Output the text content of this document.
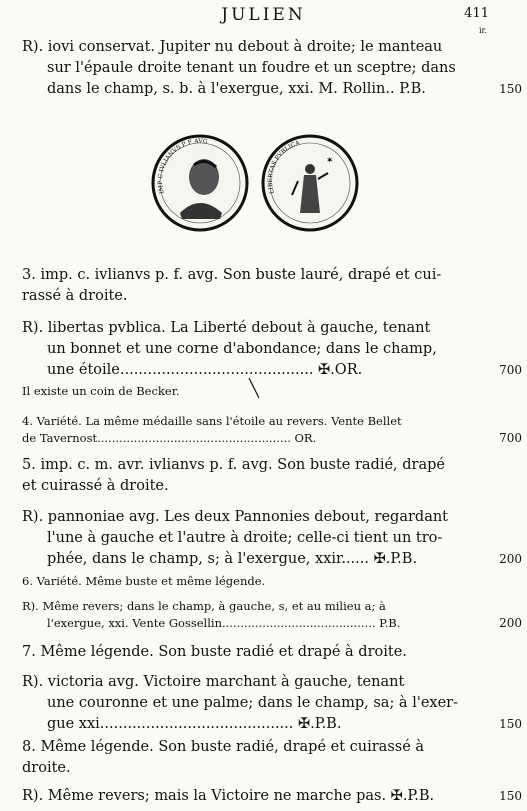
JULIEN	411
ir.
R). iovi conservat. Jupiter nu debout à droite; le manteau
sur l'épaule droite tenant un foudre et un sceptre; dans
dans le champ, s. b. à l'exergue, xxi. M. Rollin.. P.B.	150
IMP C IVLIANVS P F AVG
✶
LIBERTAS PVBLICA
3. imp. c. ivlianvs p. f. avg. Son buste lauré, drapé et cui-
rassé à droite.
R). libertas pvblica. La Liberté debout à gauche, tenant
un bonnet et une corne d'abondance; dans le champ,
une étoile.......................................... ✠.OR.	700
Il existe un coin de Becker.
4. Variété. La même médaille sans l'étoile au revers. Vente Bellet
de Tavernost..................................................... OR.	700
5. imp. c. m. avr. ivlianvs p. f. avg. Son buste radié, drapé
et cuirassé à droite.
R). pannoniae avg. Les deux Pannonies debout, regardant
l'une à gauche et l'autre à droite; celle-ci tient un tro-
phée, dans le champ, s; à l'exergue, xxir...... ✠.P.B.	200
6. Variété. Même buste et même légende.
R). Même revers; dans le champ, à gauche, s, et au milieu a; à
l'exergue, xxi. Vente Gossellin.......................................... P.B.	200
7. Même légende. Son buste radié et drapé à droite.
R). victoria avg. Victoire marchant à gauche, tenant
une couronne et une palme; dans le champ, sa; à l'exer-
gue xxi.......................................... ✠.P.B.	150
8. Même légende. Son buste radié, drapé et cuirassé à
droite.
R). Même revers; mais la Victoire ne marche pas. ✠.P.B.	150
